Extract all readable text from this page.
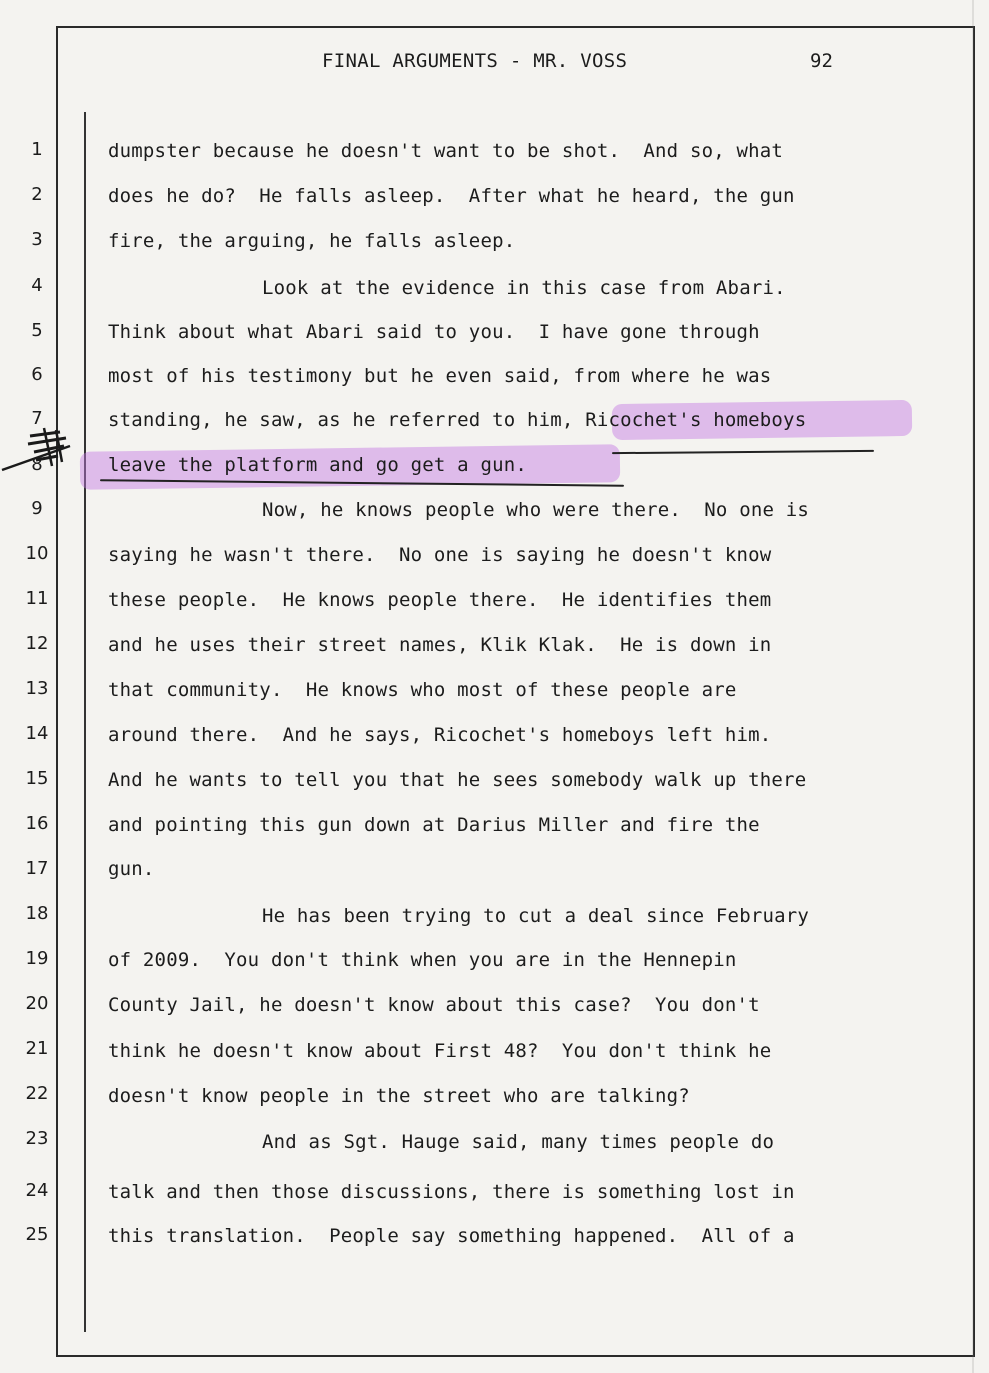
FINAL ARGUMENTS - MR. VOSS	92
1
2
3
4
5
6
7
8
9
10
11
12
13
14
15
16
17
18
19
20
21
22
23
24
25
dumpster because he doesn't want to be shot.  And so, what
does he do?  He falls asleep.  After what he heard, the gun
fire, the arguing, he falls asleep.
Look at the evidence in this case from Abari.
Think about what Abari said to you.  I have gone through
most of his testimony but he even said, from where he was
standing, he saw, as he referred to him, Ricochet's homeboys
leave the platform and go get a gun.
Now, he knows people who were there.  No one is
saying he wasn't there.  No one is saying he doesn't know
these people.  He knows people there.  He identifies them
and he uses their street names, Klik Klak.  He is down in
that community.  He knows who most of these people are
around there.  And he says, Ricochet's homeboys left him.
And he wants to tell you that he sees somebody walk up there
and pointing this gun down at Darius Miller and fire the
gun.
He has been trying to cut a deal since February
of 2009.  You don't think when you are in the Hennepin
County Jail, he doesn't know about this case?  You don't
think he doesn't know about First 48?  You don't think he
doesn't know people in the street who are talking?
And as Sgt. Hauge said, many times people do
talk and then those discussions, there is something lost in
this translation.  People say something happened.  All of a
